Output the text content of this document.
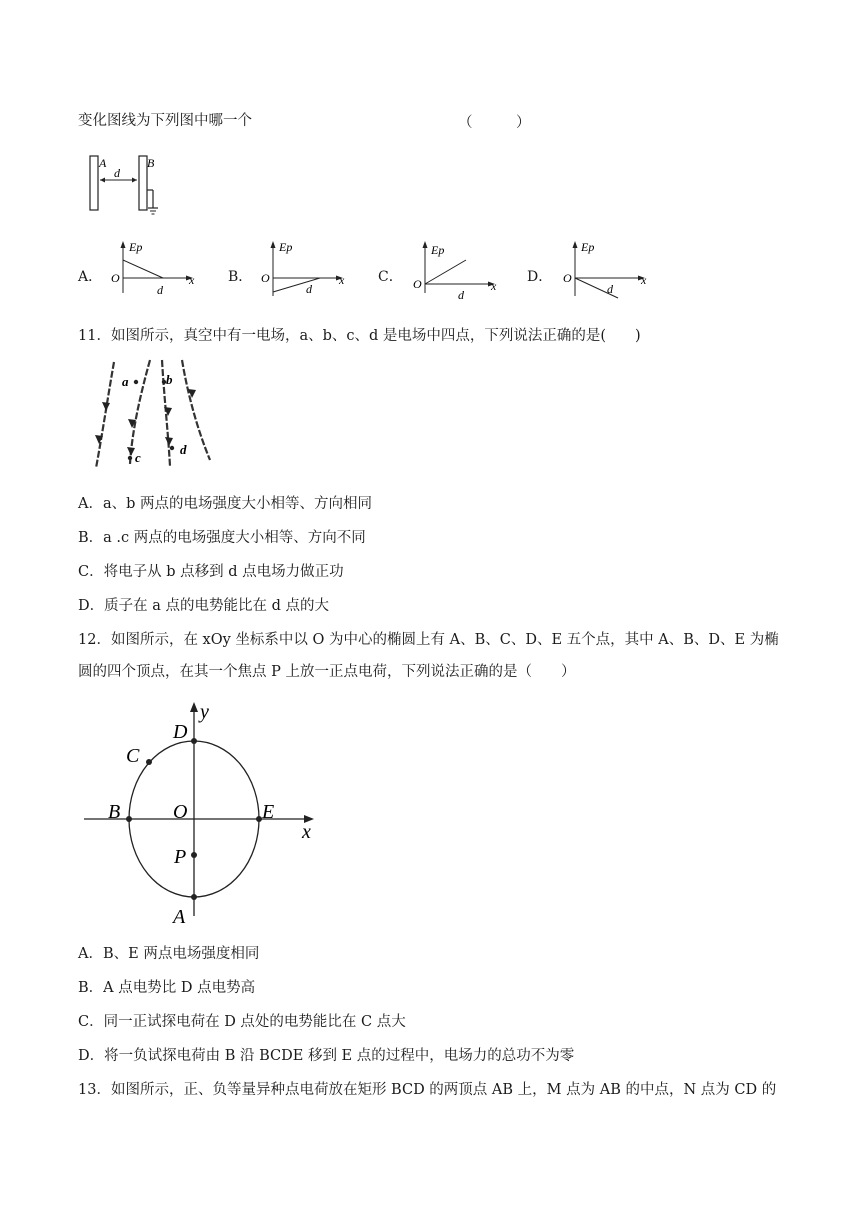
变化图线为下列图中哪一个	（　　　）
A	B
d
A．
Ep
O
d
x B．
Ep
O
d
x C．
Ep
O
d
x
D．
Ep
O
d
x
11．如图所示，真空中有一电场，a、b、c、d 是电场中四点，下列说法正确的是(　　)
a	b
c
d
A．a、b 两点的电场强度大小相等、方向相同
B．a .c 两点的电场强度大小相等、方向不同
C．将电子从 b 点移到 d 点电场力做正功
D．质子在 a 点的电势能比在 d 点的大
12．如图所示，在 xOy 坐标系中以 O 为中心的椭圆上有 A、B、C、D、E 五个点，其中 A、B、D、E 为椭
圆的四个顶点，在其一个焦点 P 上放一正点电荷，下列说法正确的是（　　）
y
x
O
D
A
B	E
C
P
A．B、E 两点电场强度相同
B．A 点电势比 D 点电势高
C．同一正试探电荷在 D 点处的电势能比在 C 点大
D．将一负试探电荷由 B 沿 BCDE 移到 E 点的过程中，电场力的总功不为零
13．如图所示，正、负等量异种点电荷放在矩形 BCD 的两顶点 AB 上，M 点为 AB 的中点，N 点为 CD 的
